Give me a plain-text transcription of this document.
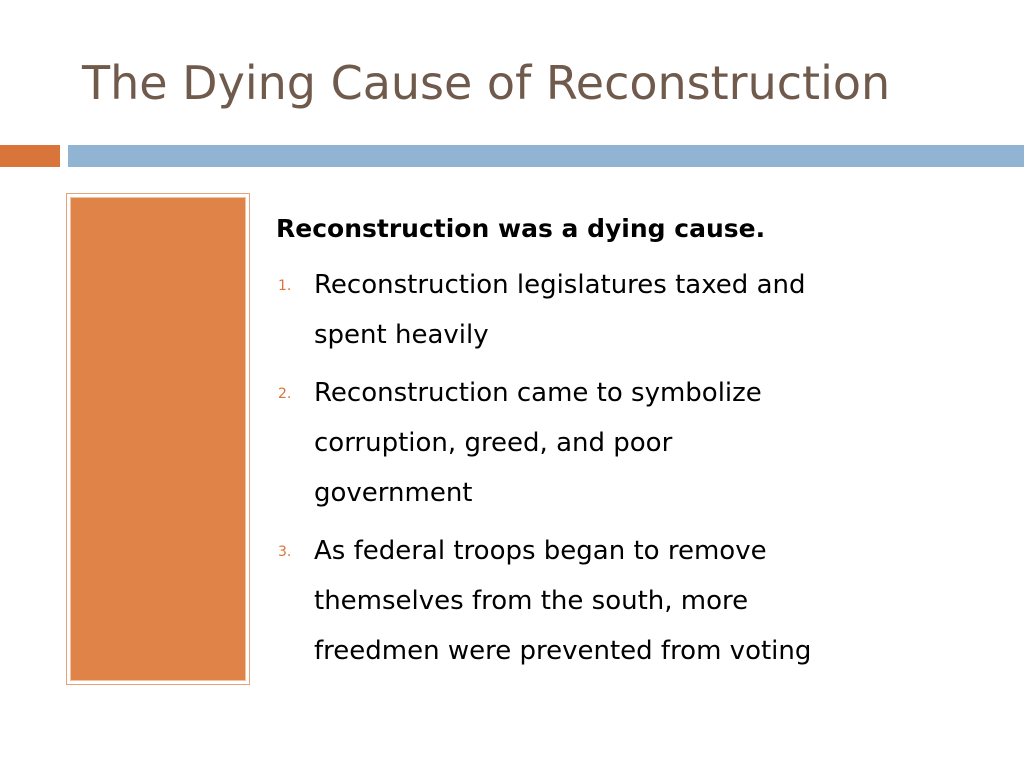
The Dying Cause of Reconstruction
Reconstruction was a dying cause.
1. Reconstruction legislatures taxed and
spent heavily
2. Reconstruction came to symbolize
corruption, greed, and poor
government
3. As federal troops began to remove
themselves from the south, more
freedmen were prevented from voting
